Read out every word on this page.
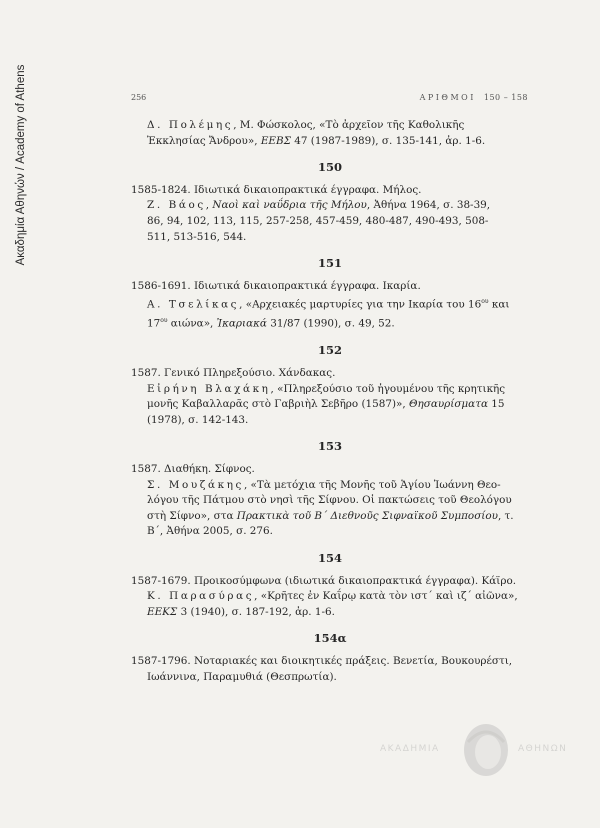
Ακαδημία Αθηνών / Academy of Athens	256	ΑΡΙΘΜΟΙ 150 – 158

Δ. Πολέμης, Μ. Φώσκολος, «Τὸ ἀρχεῖον τῆς Καθολικῆς

Ἐκκλησίας Ἄνδρου», ΕΕΒΣ 47 (1987-1989), σ. 135-141, ἀρ. 1-6.

150

1585-1824. Ιδιωτικά δικαιοπρακτικά έγγραφα. Μήλος.

Ζ. Βάος, Ναοὶ καὶ ναΰδρια τῆς Μήλου, Ἀθήνα 1964, σ. 38-39,

86, 94, 102, 113, 115, 257-258, 457-459, 480-487, 490-493, 508-

511, 513-516, 544.

151

1586-1691. Ιδιωτικά δικαιοπρακτικά έγγραφα. Ικαρία.

Α. Τσελίκας, «Αρχειακές μαρτυρίες για την Ικαρία του $16^{o\upsilon}$ και

$17^{o\upsilon}$ αιώνα», Ἰκαριακά 31/87 (1990), σ. 49, 52.

152

1587. Γενικό Πληρεξούσιο. Χάνδακας.

Εἰρήνη Βλαχάκη, «Πληρεξούσιο τοῦ ἡγουμένου τῆς κρητικῆς

μονῆς Καβαλλαρᾶς στὸ Γαβριὴλ Σεβῆρο (1587)», Θησαυρίσματα 15

(1978), σ. 142-143.

153

1587. Διαθήκη. Σίφνος.

Σ. Μουζάκης, «Τὰ μετόχια τῆς Μονῆς τοῦ Ἁγίου Ἰωάννη Θεο-

λόγου τῆς Πάτμου στὸ νησὶ τῆς Σίφνου. Οἱ πακτώσεις τοῦ Θεολόγου

στὴ Σίφνο», στα Πρακτικὰ τοῦ Β΄ Διεθνοῦς Σιφναϊκοῦ Συμποσίου, τ.

Β΄, Ἀθήνα 2005, σ. 276.

154

1587-1679. Προικοσύμφωνα (ιδιωτικά δικαιοπρακτικά έγγραφα). Κάϊρο.

Κ. Παρασύρας, «Κρῆτες ἐν Καΐρῳ κατὰ τὸν ιστ΄ καὶ ιζ΄ αἰῶνα»,

ΕΕΚΣ 3 (1940), σ. 187-192, ἀρ. 1-6.

154α

1587-1796. Νοταριακές και διοικητικές πράξεις. Βενετία, Βουκουρέστι,

Ιωάννινα, Παραμυθιά (Θεσπρωτία).

ΑΚΑΔΗΜΙΑ	ΑΘΗΝΩΝ
